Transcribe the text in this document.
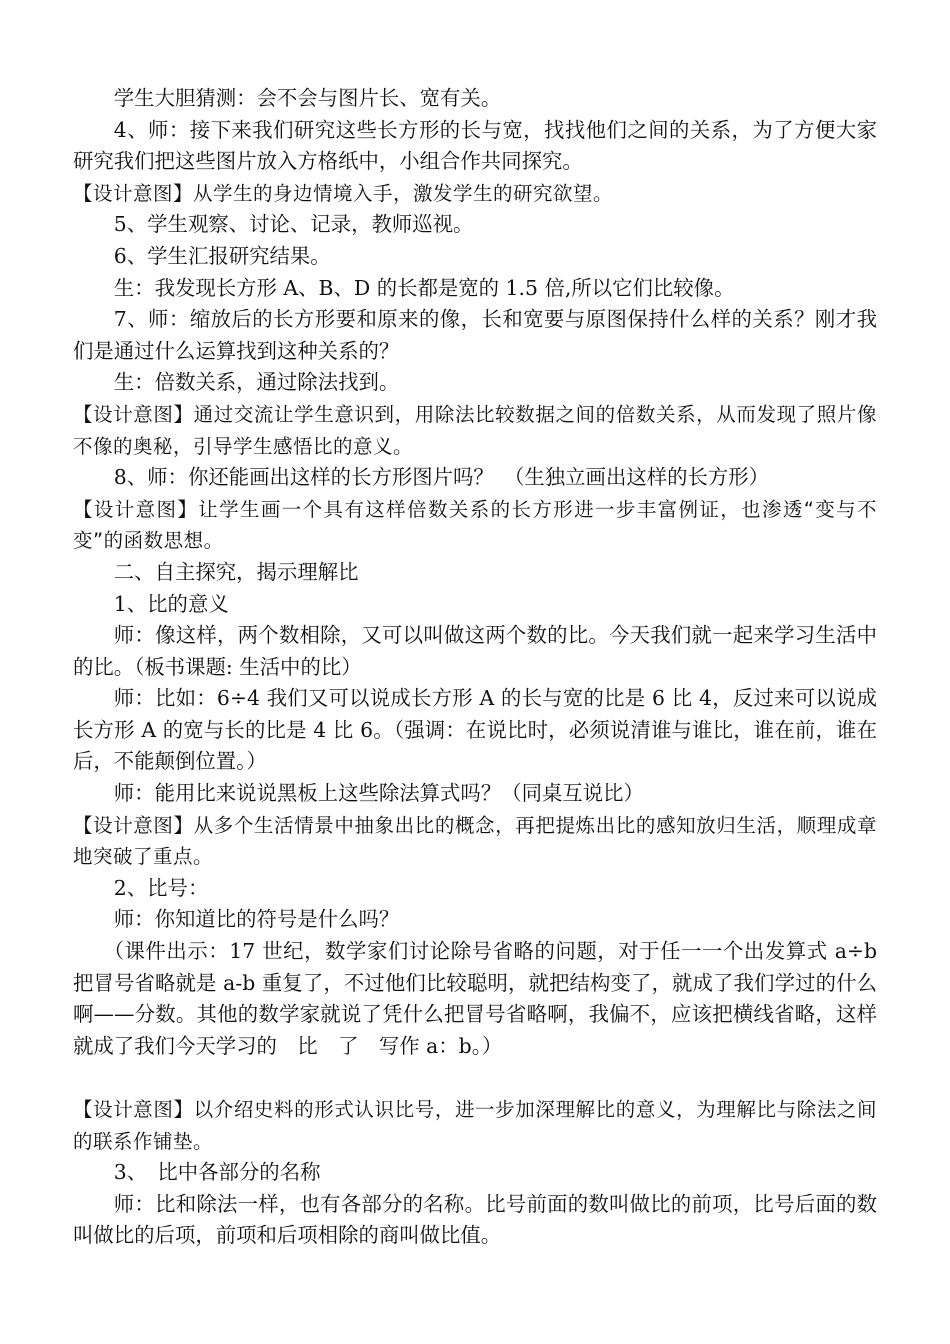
学生大胆猜测：会不会与图片长、宽有关。

4、师：接下来我们研究这些长方形的长与宽，找找他们之间的关系，为了方便大家研究我们把这些图片放入方格纸中，小组合作共同探究。

【设计意图】从学生的身边情境入手，激发学生的研究欲望。

5、学生观察、讨论、记录，教师巡视。

6、学生汇报研究结果。

生：我发现长方形 A、B、D 的长都是宽的 1.5 倍,所以它们比较像。

7、师：缩放后的长方形要和原来的像，长和宽要与原图保持什么样的关系？刚才我们是通过什么运算找到这种关系的？

生：倍数关系，通过除法找到。

【设计意图】通过交流让学生意识到，用除法比较数据之间的倍数关系，从而发现了照片像不像的奥秘，引导学生感悟比的意义。

8、师：你还能画出这样的长方形图片吗？　（生独立画出这样的长方形）

【设计意图】让学生画一个具有这样倍数关系的长方形进一步丰富例证，也渗透“变与不变”的函数思想。

二、自主探究，揭示理解比

1、比的意义

师：像这样，两个数相除，又可以叫做这两个数的比。今天我们就一起来学习生活中的比。（板书课题: 生活中的比）

师：比如：6÷4 我们又可以说成长方形 A 的长与宽的比是 6 比 4，反过来可以说成长方形 A 的宽与长的比是 4 比 6。（强调：在说比时，必须说清谁与谁比，谁在前，谁在后，不能颠倒位置。）

师：能用比来说说黑板上这些除法算式吗？（同桌互说比）

【设计意图】从多个生活情景中抽象出比的概念，再把提炼出比的感知放归生活，顺理成章地突破了重点。

2、比号：

师：你知道比的符号是什么吗？

（课件出示：17 世纪，数学家们讨论除号省略的问题，对于任一一个出发算式 a÷b 把冒号省略就是 a-b 重复了，不过他们比较聪明，就把结构变了，就成了我们学过的什么啊——分数。其他的数学家就说了凭什么把冒号省略啊，我偏不，应该把横线省略，这样就成了我们今天学习的　比　了　写作 a：b。）

【设计意图】以介绍史料的形式认识比号，进一步加深理解比的意义，为理解比与除法之间的联系作铺垫。

3、　比中各部分的名称

师：比和除法一样，也有各部分的名称。比号前面的数叫做比的前项，比号后面的数叫做比的后项，前项和后项相除的商叫做比值。
